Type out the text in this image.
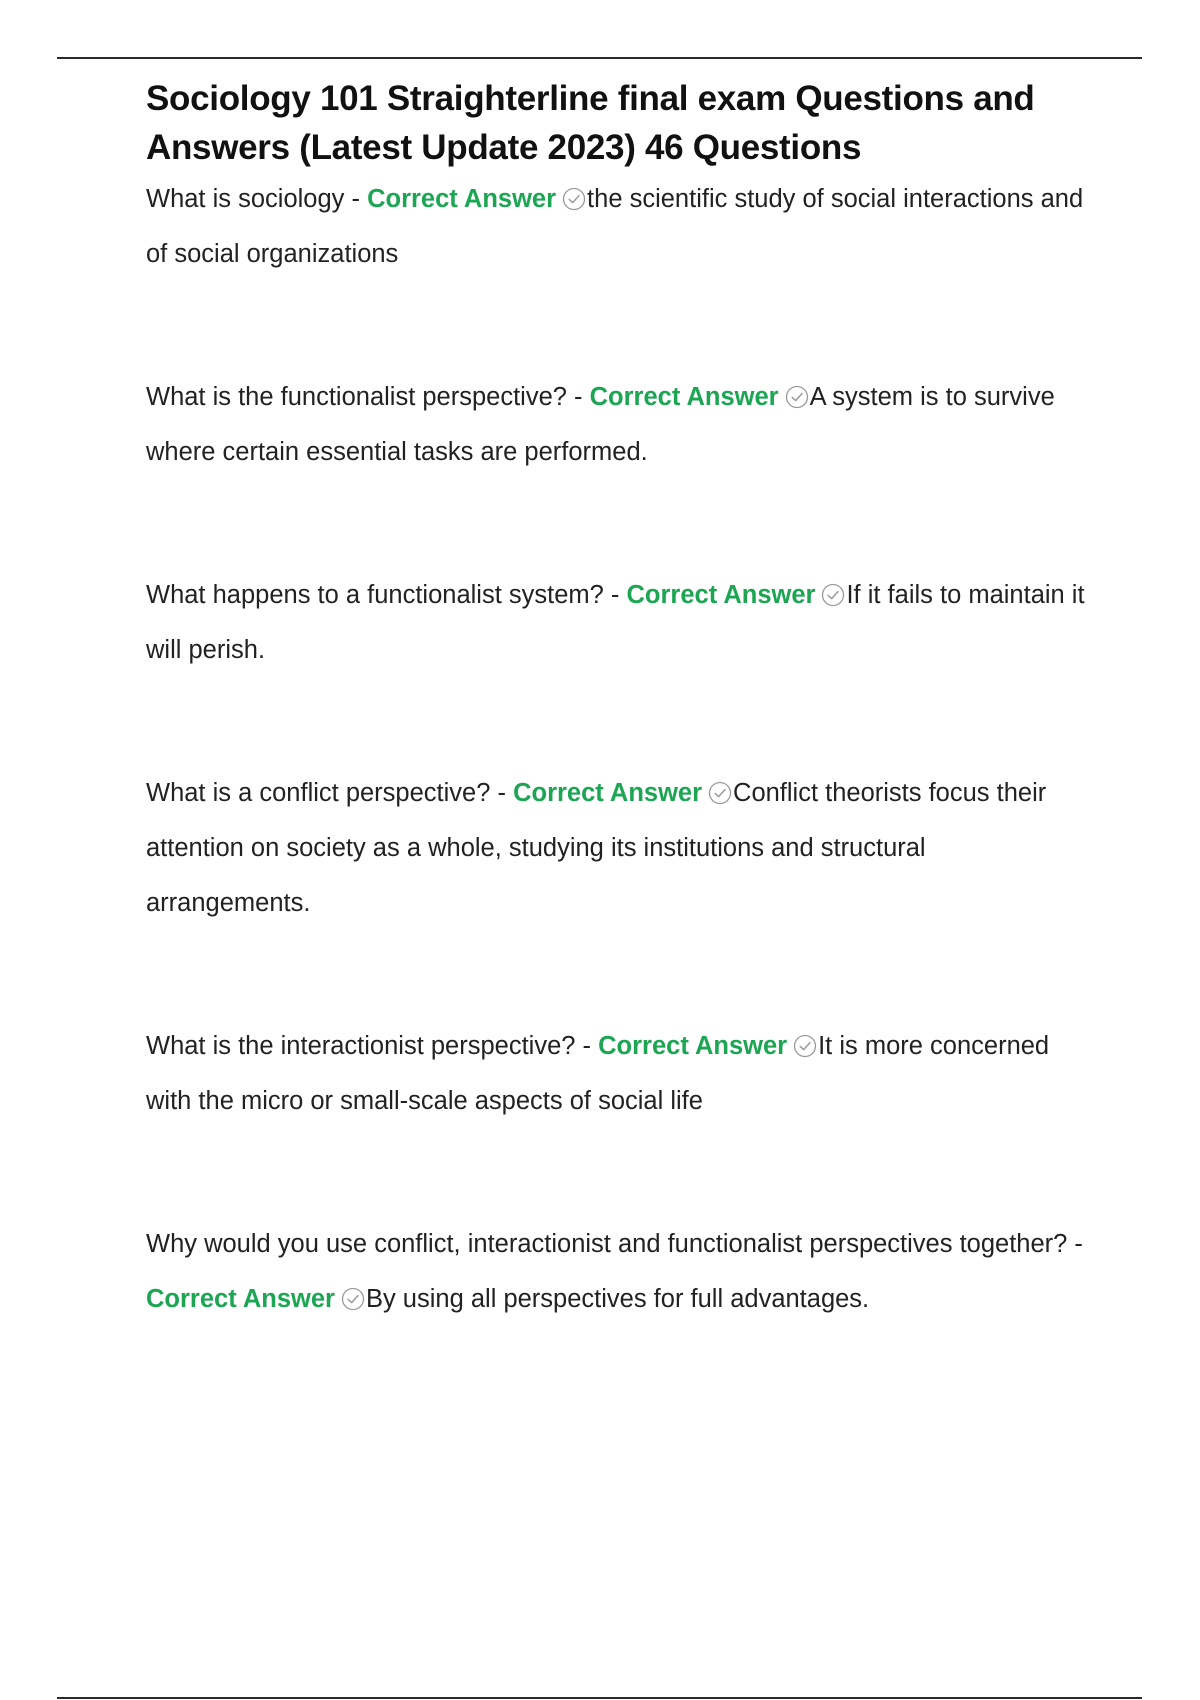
Sociology 101 Straighterline final exam Questions and Answers (Latest Update 2023) 46 Questions

What is sociology - Correct Answer the scientific study of social interactions and of social organizations

What is the functionalist perspective? - Correct Answer A system is to survive where certain essential tasks are performed.

What happens to a functionalist system? - Correct Answer If it fails to maintain it will perish.

What is a conflict perspective? - Correct Answer Conflict theorists focus their attention on society as a whole, studying its institutions and structural arrangements.

What is the interactionist perspective? - Correct Answer It is more concerned with the micro or small-scale aspects of social life

Why would you use conflict, interactionist and functionalist perspectives together? - Correct Answer By using all perspectives for full advantages.
